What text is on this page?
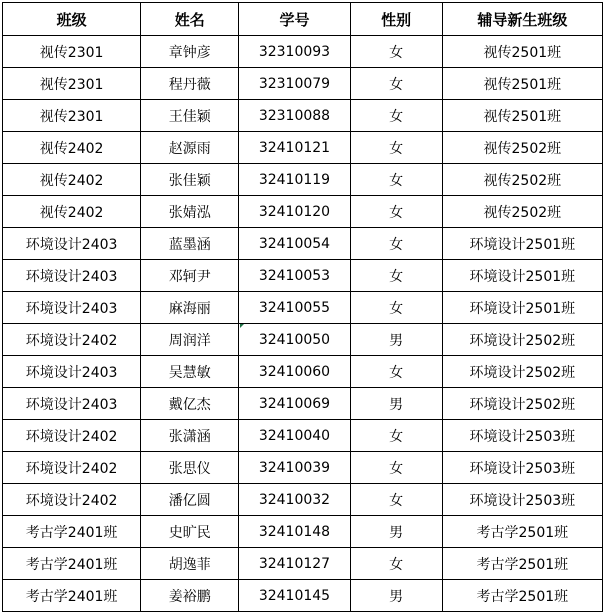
班级	姓名	学号	性别	辅导新生班级
视传2301	章钟彦	32310093	女	视传2501班
视传2301	程丹薇	32310079	女	视传2501班
视传2301	王佳颖	32310088	女	视传2501班
视传2402	赵源雨	32410121	女	视传2502班
视传2402	张佳颖	32410119	女	视传2502班
视传2402	张婧泓	32410120	女	视传2502班
环境设计2403	蓝墨涵	32410054	女	环境设计2501班
环境设计2403	邓轲尹	32410053	女	环境设计2501班
环境设计2403	麻海丽	32410055	女	环境设计2501班
环境设计2402	周润洋	32410050	男	环境设计2502班
环境设计2403	吴慧敏	32410060	女	环境设计2502班
环境设计2403	戴亿杰	32410069	男	环境设计2502班
环境设计2402	张潇涵	32410040	女	环境设计2503班
环境设计2402	张思仪	32410039	女	环境设计2503班
环境设计2402	潘亿圆	32410032	女	环境设计2503班
考古学2401班	史旷民	32410148	男	考古学2501班
考古学2401班	胡逸菲	32410127	女	考古学2501班
考古学2401班	姜裕鹏	32410145	男	考古学2501班
